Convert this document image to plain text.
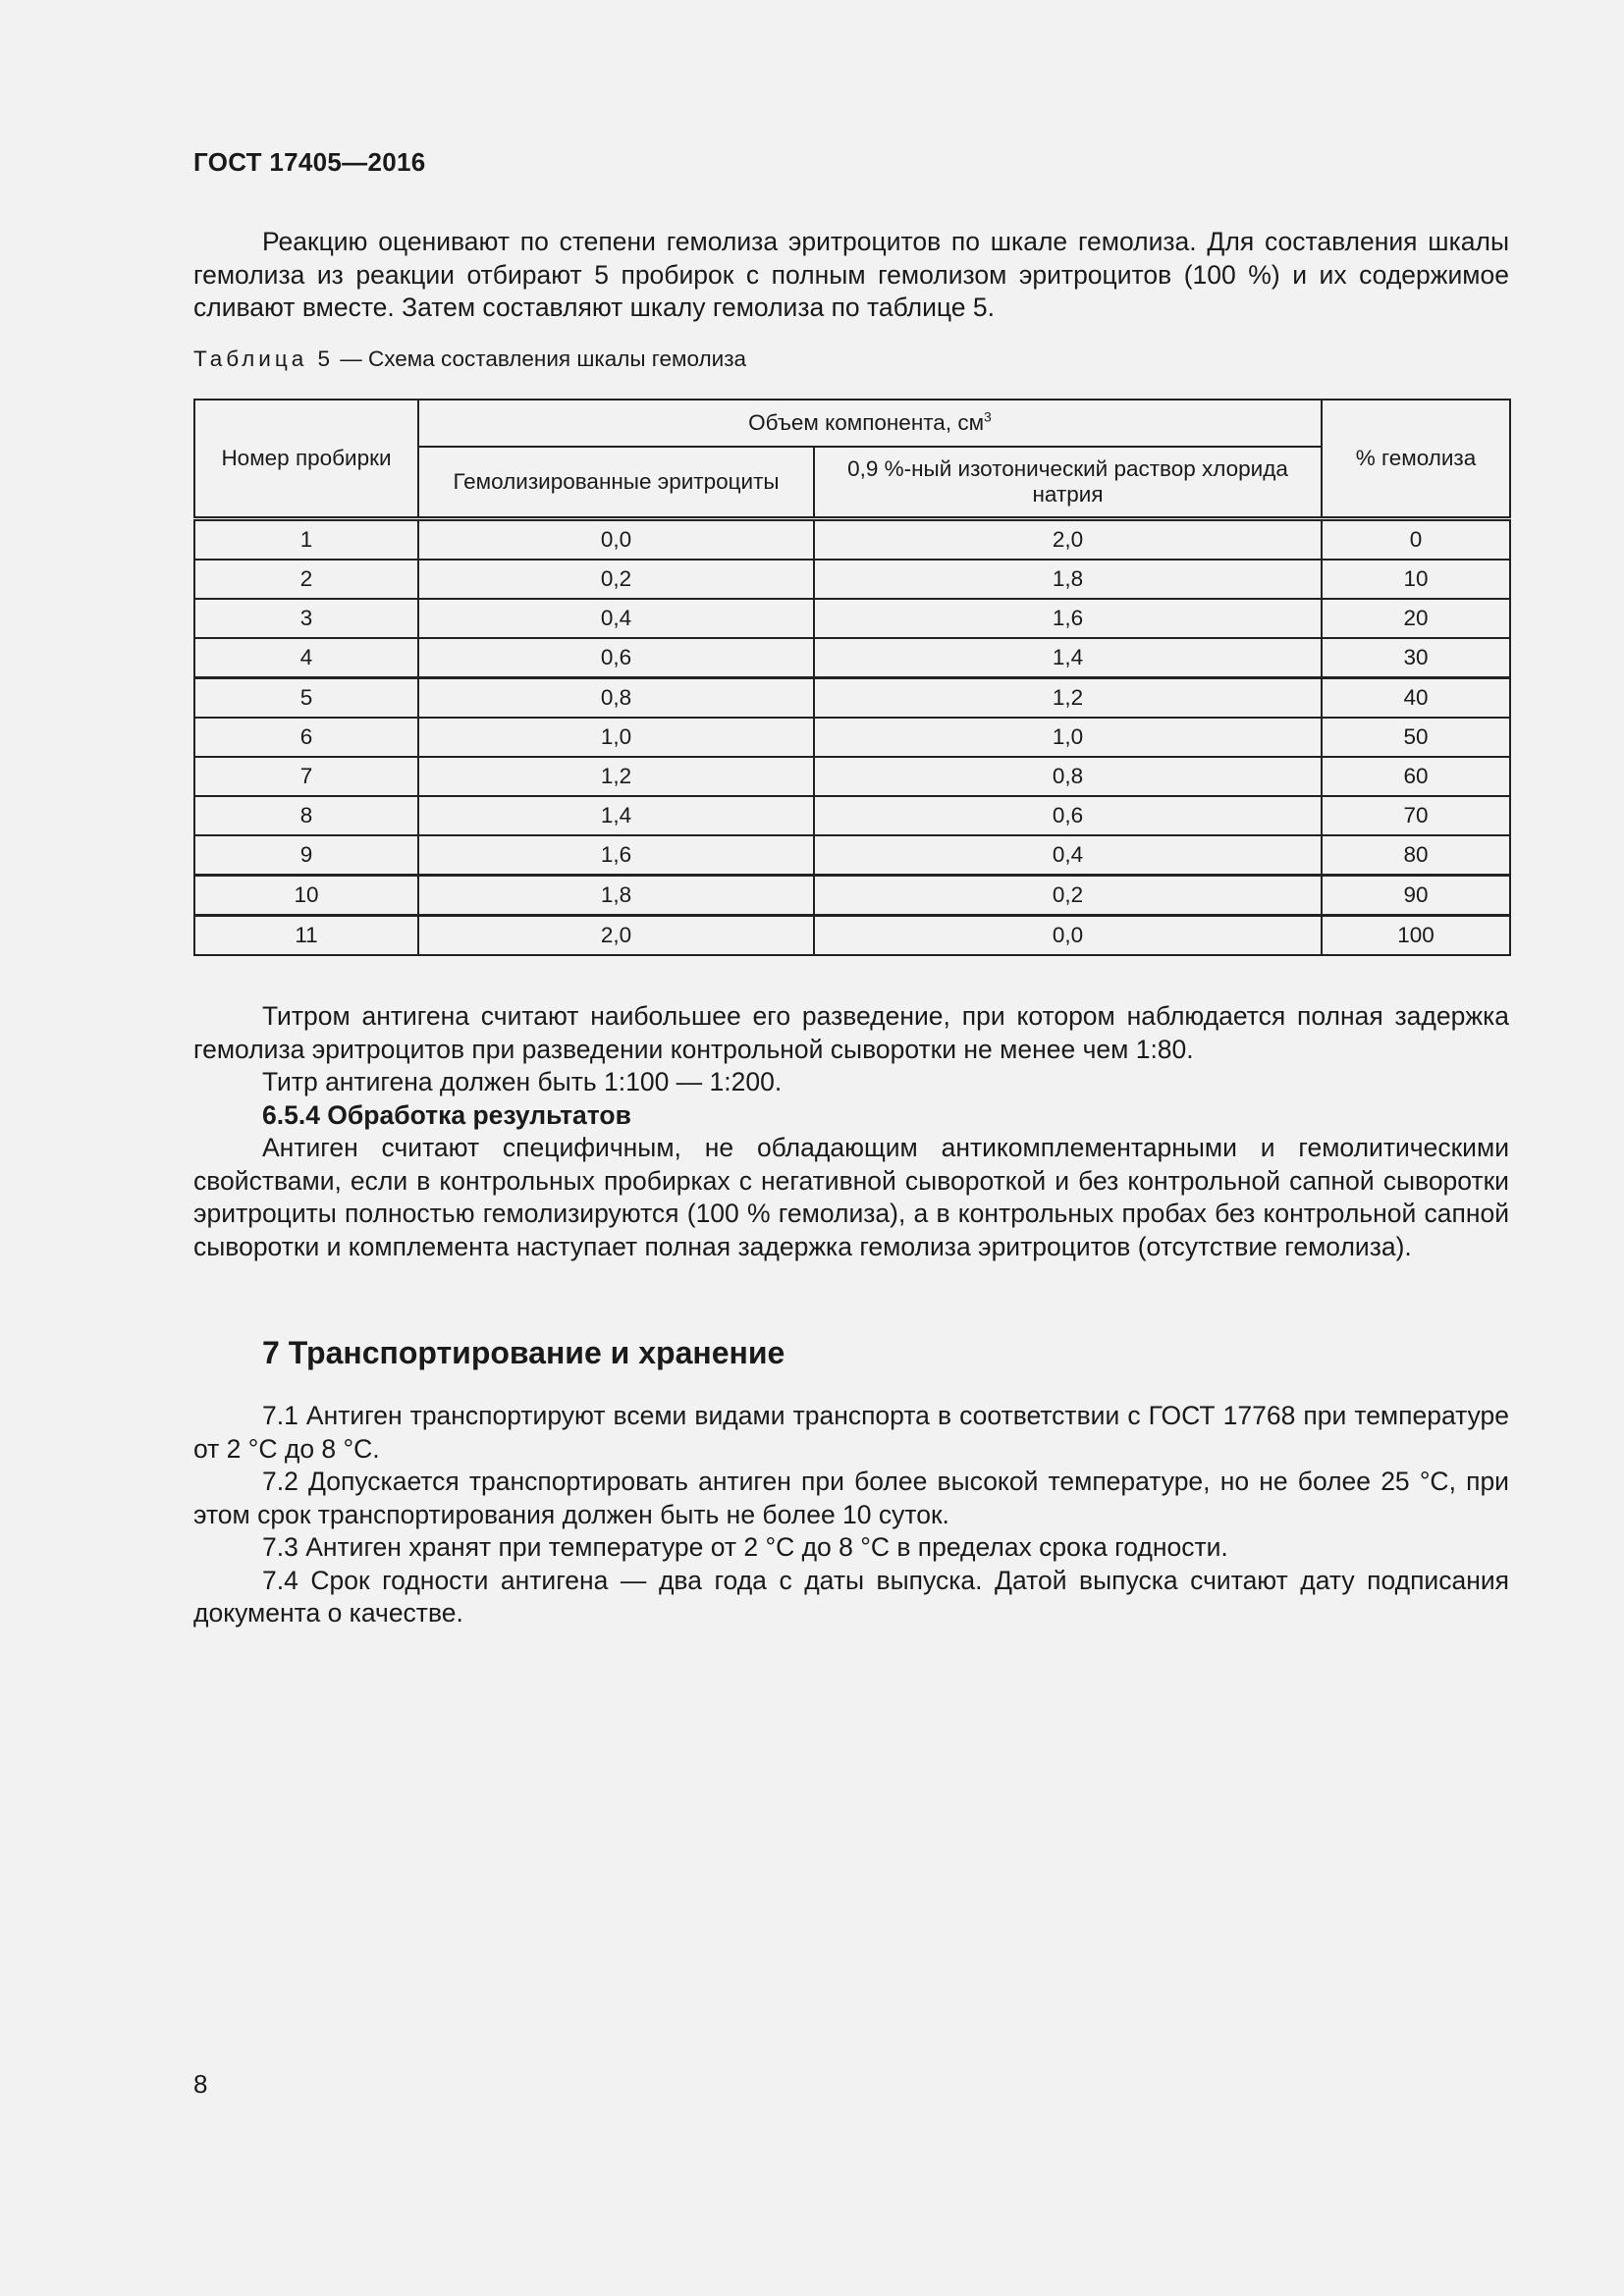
ГОСТ 17405—2016

Реакцию оценивают по степени гемолиза эритроцитов по шкале гемолиза. Для составления шкалы гемолиза из реакции отбирают 5 пробирок с полным гемолизом эритроцитов (100 %) и их содержимое сливают вместе. Затем составляют шкалу гемолиза по таблице 5.

Таблица 5 — Схема составления шкалы гемолиза
Номер пробирки	Объем компонента, $см^3$		% гемолиза
	Гемолизированные эритроциты	0,9 %-ный изотонический раствор хлорида натрия	
1	0,0	2,0	0
2	0,2	1,8	10
3	0,4	1,6	20
4	0,6	1,4	30
5	0,8	1,2	40
6	1,0	1,0	50
7	1,2	0,8	60
8	1,4	0,6	70
9	1,6	0,4	80
10	1,8	0,2	90
11	2,0	0,0	100

Титром антигена считают наибольшее его разведение, при котором наблюдается полная задержка гемолиза эритроцитов при разведении контрольной сыворотки не менее чем 1:80.

Титр антигена должен быть 1:100 — 1:200.

6.5.4 Обработка результатов

Антиген считают специфичным, не обладающим антикомплементарными и гемолитическими свойствами, если в контрольных пробирках с негативной сывороткой и без контрольной сапной сыворотки эритроциты полностью гемолизируются (100 % гемолиза), а в контрольных пробах без контрольной сапной сыворотки и комплемента наступает полная задержка гемолиза эритроцитов (отсутствие гемолиза).

7 Транспортирование и хранение

7.1 Антиген транспортируют всеми видами транспорта в соответствии с ГОСТ 17768 при температуре от 2 °С до 8 °С.

7.2 Допускается транспортировать антиген при более высокой температуре, но не более 25 °С, при этом срок транспортирования должен быть не более 10 суток.

7.3 Антиген хранят при температуре от 2 °С до 8 °С в пределах срока годности.

7.4 Срок годности антигена — два года с даты выпуска. Датой выпуска считают дату подписания документа о качестве.

8
